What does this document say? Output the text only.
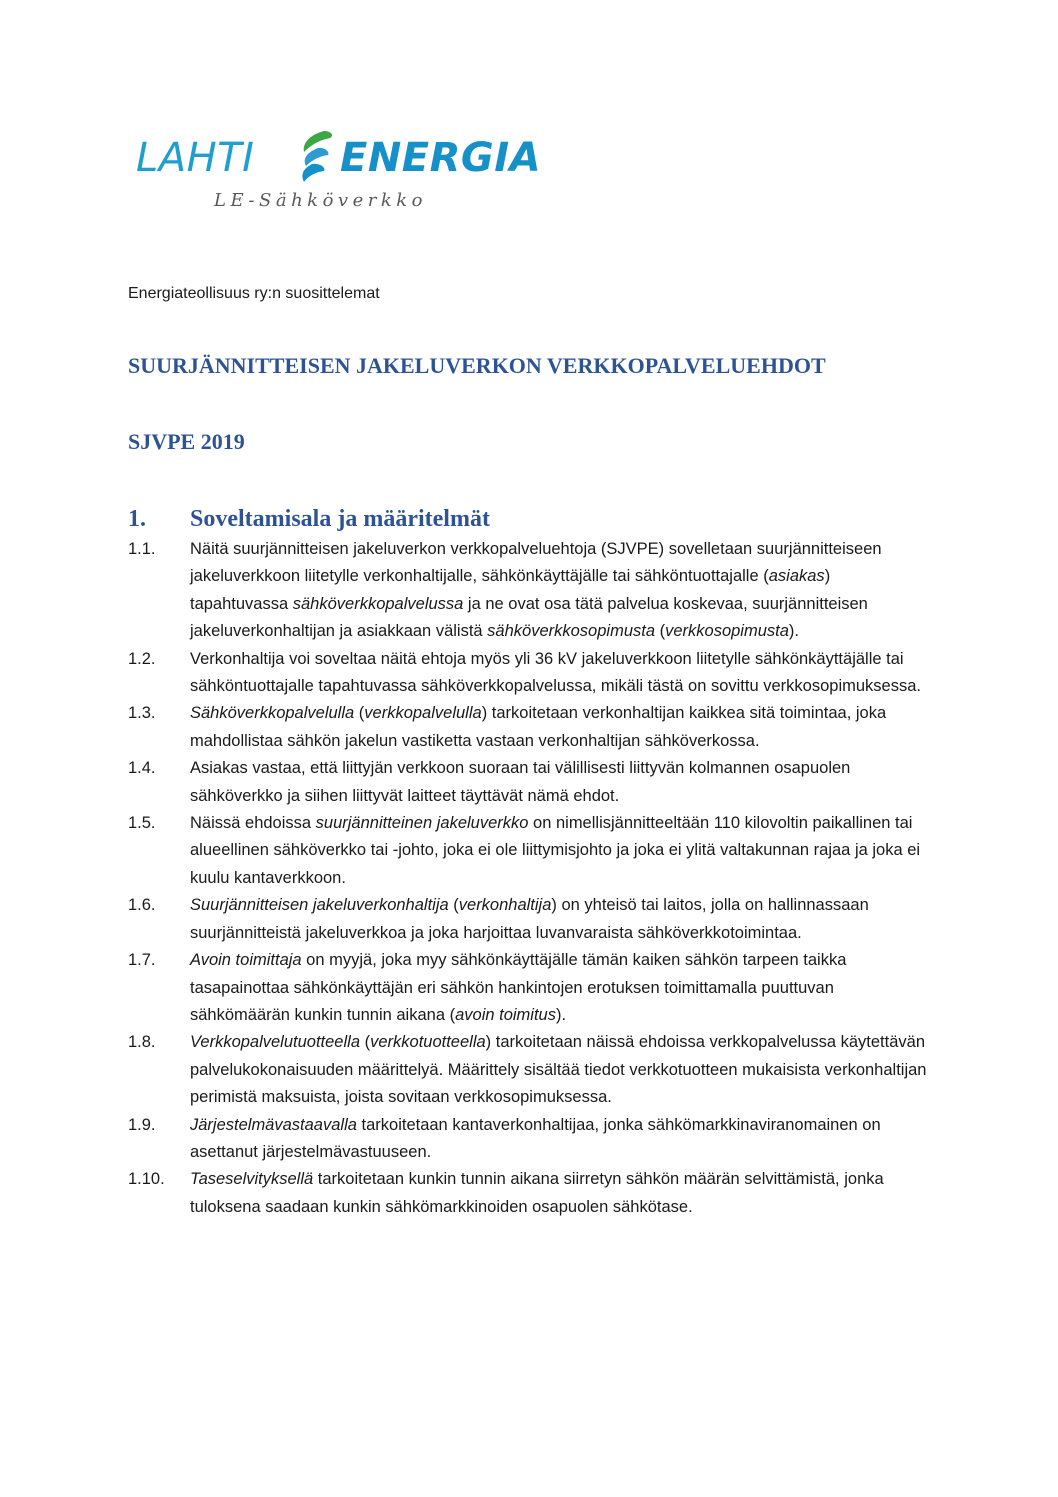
LAHTI ENERGIA
LE-Sähköverkko
Energiateollisuus ry:n suosittelemat
SUURJÄNNITTEISEN JAKELUVERKON VERKKOPALVELUEHDOT
SJVPE 2019
1. Soveltamisala ja määritelmät
1.1. Näitä suurjännitteisen jakeluverkon verkkopalveluehtoja (SJVPE) sovelletaan suurjännitteiseen jakeluverkkoon liitetylle verkonhaltijalle, sähkönkäyttäjälle tai sähköntuottajalle (asiakas) tapahtuvassa sähköverkkopalvelussa ja ne ovat osa tätä palvelua koskevaa, suurjännitteisen jakeluverkonhaltijan ja asiakkaan välistä sähköverkkosopimusta (verkkosopimusta).
1.2. Verkonhaltija voi soveltaa näitä ehtoja myös yli 36 kV jakeluverkkoon liitetylle sähkönkäyttäjälle tai sähköntuottajalle tapahtuvassa sähköverkkopalvelussa, mikäli tästä on sovittu verkkosopimuksessa.
1.3. Sähköverkkopalvelulla (verkkopalvelulla) tarkoitetaan verkonhaltijan kaikkea sitä toimintaa, joka mahdollistaa sähkön jakelun vastiketta vastaan verkonhaltijan sähköverkossa.
1.4. Asiakas vastaa, että liittyjän verkkoon suoraan tai välillisesti liittyvän kolmannen osapuolen sähköverkko ja siihen liittyvät laitteet täyttävät nämä ehdot.
1.5. Näissä ehdoissa suurjännitteinen jakeluverkko on nimellisjännitteeltään 110 kilovoltin paikallinen tai alueellinen sähköverkko tai -johto, joka ei ole liittymisjohto ja joka ei ylitä valtakunnan rajaa ja joka ei kuulu kantaverkkoon.
1.6. Suurjännitteisen jakeluverkonhaltija (verkonhaltija) on yhteisö tai laitos, jolla on hallinnassaan suurjännitteistä jakeluverkkoa ja joka harjoittaa luvanvaraista sähköverkkotoimintaa.
1.7. Avoin toimittaja on myyjä, joka myy sähkönkäyttäjälle tämän kaiken sähkön tarpeen taikka tasapainottaa sähkönkäyttäjän eri sähkön hankintojen erotuksen toimittamalla puuttuvan sähkömäärän kunkin tunnin aikana (avoin toimitus).
1.8. Verkkopalvelutuotteella (verkkotuotteella) tarkoitetaan näissä ehdoissa verkkopalvelussa käytettävän palvelukokonaisuuden määrittelyä. Määrittely sisältää tiedot verkkotuotteen mukaisista verkonhaltijan perimistä maksuista, joista sovitaan verkkosopimuksessa.
1.9. Järjestelmävastaavalla tarkoitetaan kantaverkonhaltijaa, jonka sähkömarkkinaviranomainen on asettanut järjestelmävastuuseen.
1.10. Taseselvityksellä tarkoitetaan kunkin tunnin aikana siirretyn sähkön määrän selvittämistä, jonka tuloksena saadaan kunkin sähkömarkkinoiden osapuolen sähkötase.
